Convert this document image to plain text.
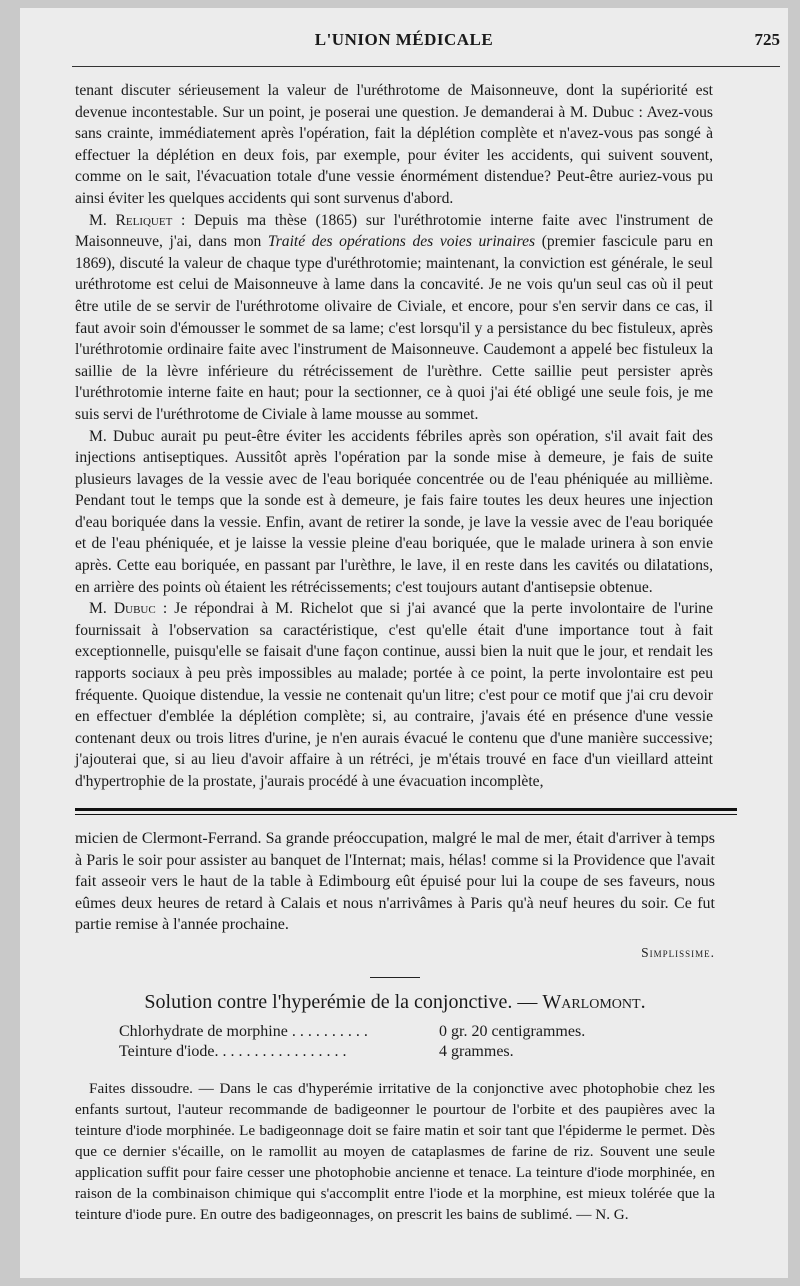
L'UNION MÉDICALE	725

tenant discuter sérieusement la valeur de l'uréthrotome de Maisonneuve, dont la supériorité est devenue incontestable. Sur un point, je poserai une question. Je demanderai à M. Dubuc : Avez-vous sans crainte, immédiatement après l'opération, fait la déplétion complète et n'avez-vous pas songé à effectuer la déplétion en deux fois, par exemple, pour éviter les accidents, qui suivent souvent, comme on le sait, l'évacuation totale d'une vessie énormément distendue? Peut-être auriez-vous pu ainsi éviter les quelques accidents qui sont survenus d'abord.

M. Reliquet : Depuis ma thèse (1865) sur l'uréthrotomie interne faite avec l'instrument de Maisonneuve, j'ai, dans mon Traité des opérations des voies urinaires (premier fascicule paru en 1869), discuté la valeur de chaque type d'uréthrotomie; maintenant, la conviction est générale, le seul uréthrotome est celui de Maisonneuve à lame dans la concavité. Je ne vois qu'un seul cas où il peut être utile de se servir de l'uréthrotome olivaire de Civiale, et encore, pour s'en servir dans ce cas, il faut avoir soin d'émousser le sommet de sa lame; c'est lorsqu'il y a persistance du bec fistuleux, après l'uréthrotomie ordinaire faite avec l'instrument de Maisonneuve. Caudemont a appelé bec fistuleux la saillie de la lèvre inférieure du rétrécissement de l'urèthre. Cette saillie peut persister après l'uréthrotomie interne faite en haut; pour la sectionner, ce à quoi j'ai été obligé une seule fois, je me suis servi de l'uréthrotome de Civiale à lame mousse au sommet.

M. Dubuc aurait pu peut-être éviter les accidents fébriles après son opération, s'il avait fait des injections antiseptiques. Aussitôt après l'opération par la sonde mise à demeure, je fais de suite plusieurs lavages de la vessie avec de l'eau boriquée concentrée ou de l'eau phéniquée au millième. Pendant tout le temps que la sonde est à demeure, je fais faire toutes les deux heures une injection d'eau boriquée dans la vessie. Enfin, avant de retirer la sonde, je lave la vessie avec de l'eau boriquée et de l'eau phéniquée, et je laisse la vessie pleine d'eau boriquée, que le malade urinera à son envie après. Cette eau boriquée, en passant par l'urèthre, le lave, il en reste dans les cavités ou dilatations, en arrière des points où étaient les rétrécissements; c'est toujours autant d'antisepsie obtenue.

M. Dubuc : Je répondrai à M. Richelot que si j'ai avancé que la perte involontaire de l'urine fournissait à l'observation sa caractéristique, c'est qu'elle était d'une importance tout à fait exceptionnelle, puisqu'elle se faisait d'une façon continue, aussi bien la nuit que le jour, et rendait les rapports sociaux à peu près impossibles au malade; portée à ce point, la perte involontaire est peu fréquente. Quoique distendue, la vessie ne contenait qu'un litre; c'est pour ce motif que j'ai cru devoir en effectuer d'emblée la déplétion complète; si, au contraire, j'avais été en présence d'une vessie contenant deux ou trois litres d'urine, je n'en aurais évacué le contenu que d'une manière successive; j'ajouterai que, si au lieu d'avoir affaire à un rétréci, je m'étais trouvé en face d'un vieillard atteint d'hypertrophie de la prostate, j'aurais procédé à une évacuation incomplète,

micien de Clermont-Ferrand. Sa grande préoccupation, malgré le mal de mer, était d'arriver à temps à Paris le soir pour assister au banquet de l'Internat; mais, hélas! comme si la Providence que l'avait fait asseoir vers le haut de la table à Edimbourg eût épuisé pour lui la coupe de ses faveurs, nous eûmes deux heures de retard à Calais et nous n'arrivâmes à Paris qu'à neuf heures du soir. Ce fut partie remise à l'année prochaine.

Simplissime.

Solution contre l'hyperémie de la conjonctive. — Warlomont.

Chlorhydrate de morphine . . . . . . . . . .	0 gr. 20 centigrammes.
Teinture d'iode. . . . . . . . . . . . . . . . .	4 grammes.

Faites dissoudre. — Dans le cas d'hyperémie irritative de la conjonctive avec photophobie chez les enfants surtout, l'auteur recommande de badigeonner le pourtour de l'orbite et des paupières avec la teinture d'iode morphinée. Le badigeonnage doit se faire matin et soir tant que l'épiderme le permet. Dès que ce dernier s'écaille, on le ramollit au moyen de cataplasmes de farine de riz. Souvent une seule application suffit pour faire cesser une photophobie ancienne et tenace. La teinture d'iode morphinée, en raison de la combinaison chimique qui s'accomplit entre l'iode et la morphine, est mieux tolérée que la teinture d'iode pure. En outre des badigeonnages, on prescrit les bains de sublimé. — N. G.
